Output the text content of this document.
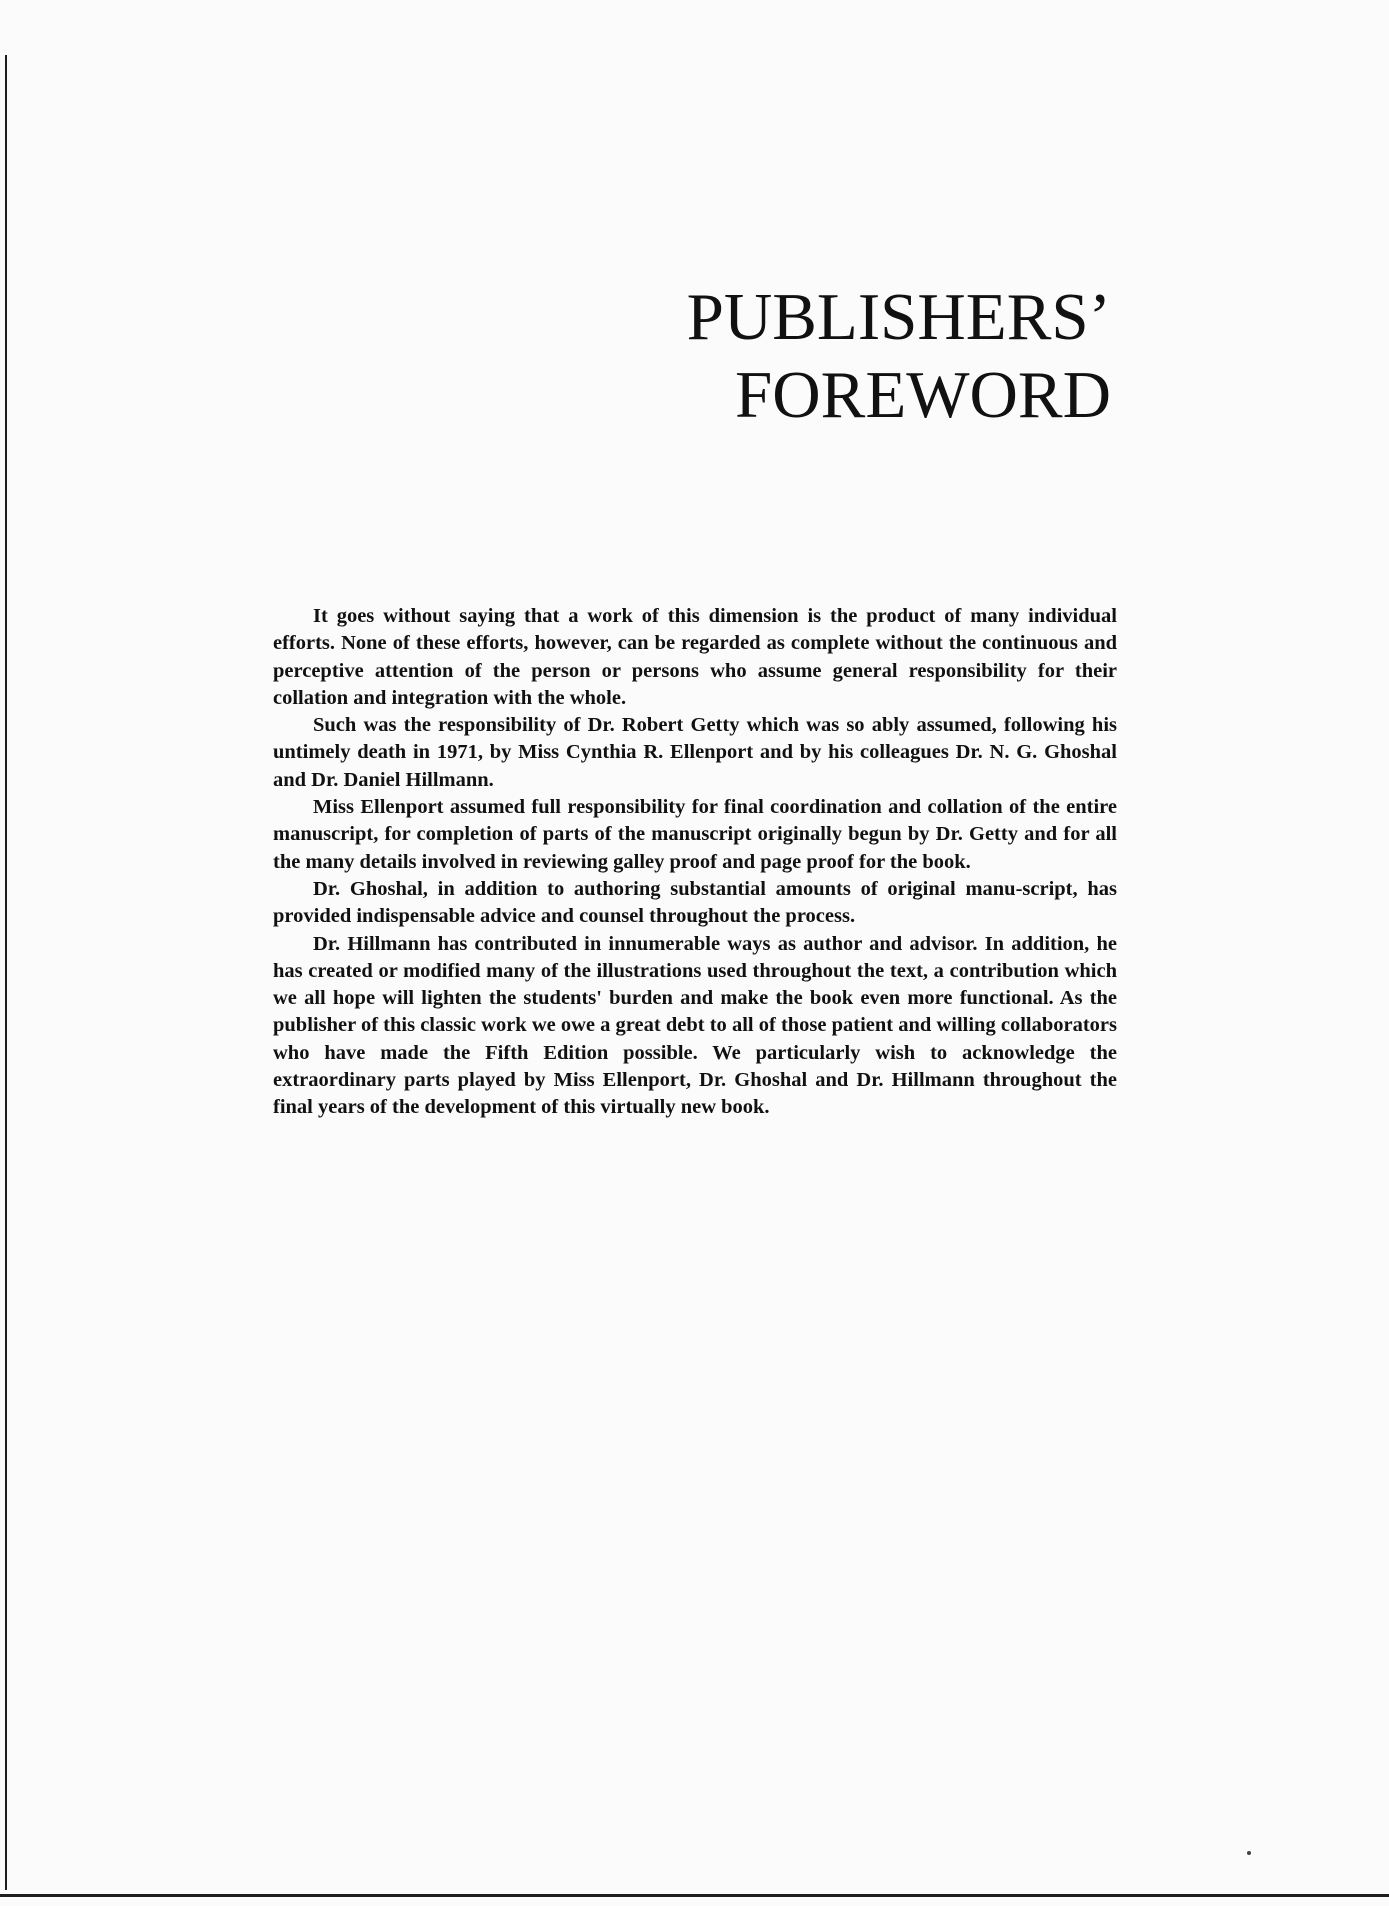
PUBLISHERS’
FOREWORD

It goes without saying that a work of this dimension is the product of many individual efforts. None of these efforts, however, can be regarded as complete without the continuous and perceptive attention of the person or persons who assume general responsibility for their collation and integration with the whole.

Such was the responsibility of Dr. Robert Getty which was so ably assumed, following his untimely death in 1971, by Miss Cynthia R. Ellenport and by his colleagues Dr. N. G. Ghoshal and Dr. Daniel Hillmann.

Miss Ellenport assumed full responsibility for final coordination and collation of the entire manuscript, for completion of parts of the manuscript originally begun by Dr. Getty and for all the many details involved in reviewing galley proof and page proof for the book.

Dr. Ghoshal, in addition to authoring substantial amounts of original manu-script, has provided indispensable advice and counsel throughout the process.

Dr. Hillmann has contributed in innumerable ways as author and advisor. In addition, he has created or modified many of the illustrations used throughout the text, a contribution which we all hope will lighten the students' burden and make the book even more functional. As the publisher of this classic work we owe a great debt to all of those patient and willing collaborators who have made the Fifth Edition possible. We particularly wish to acknowledge the extraordinary parts played by Miss Ellenport, Dr. Ghoshal and Dr. Hillmann throughout the final years of the development of this virtually new book.
